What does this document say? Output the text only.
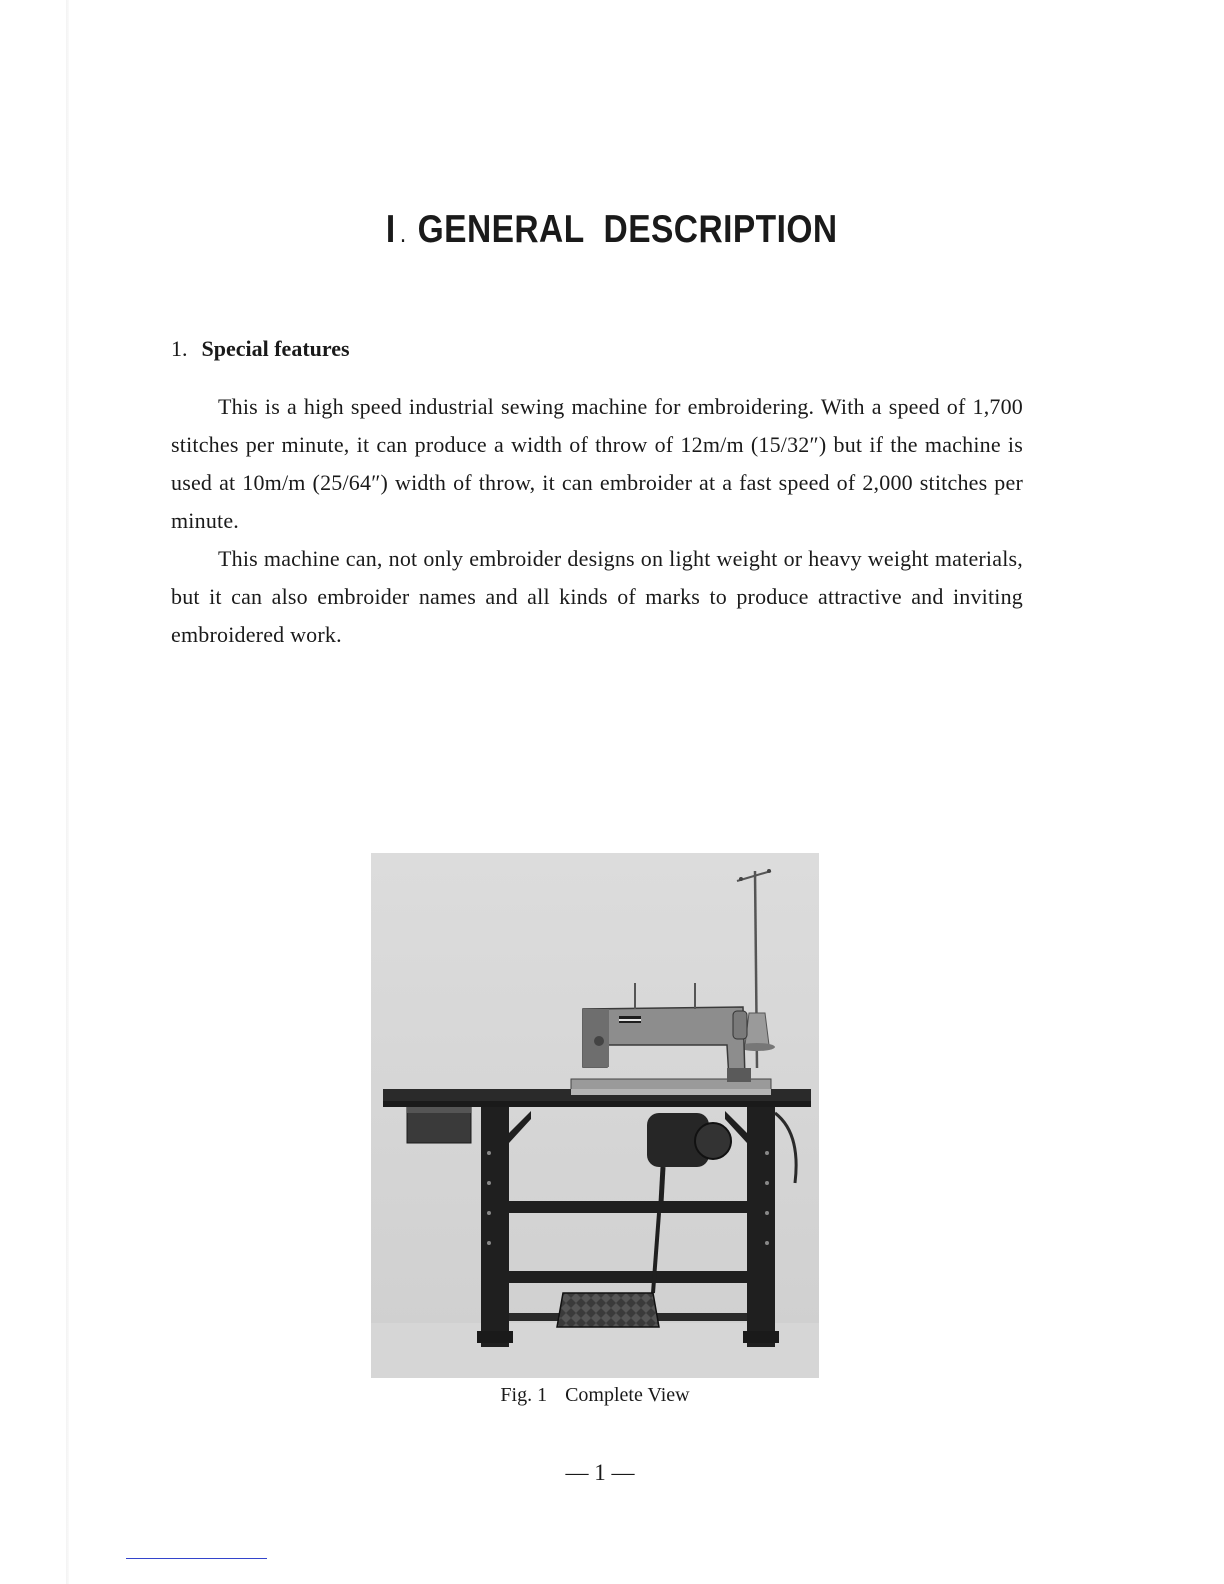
I . GENERAL DESCRIPTION
1. Special features

This is a high speed industrial sewing machine for embroidering. With a speed of 1,700 stitches per minute, it can produce a width of throw of 12m/m (15/32″) but if the machine is used at 10m/m (25/64″) width of throw, it can embroider at a fast speed of 2,000 stitches per minute.

This machine can, not only embroider designs on light weight or heavy weight materials, but it can also embroider names and all kinds of marks to produce attractive and inviting embroidered work.

Fig. 1 Complete View

— 1 —
